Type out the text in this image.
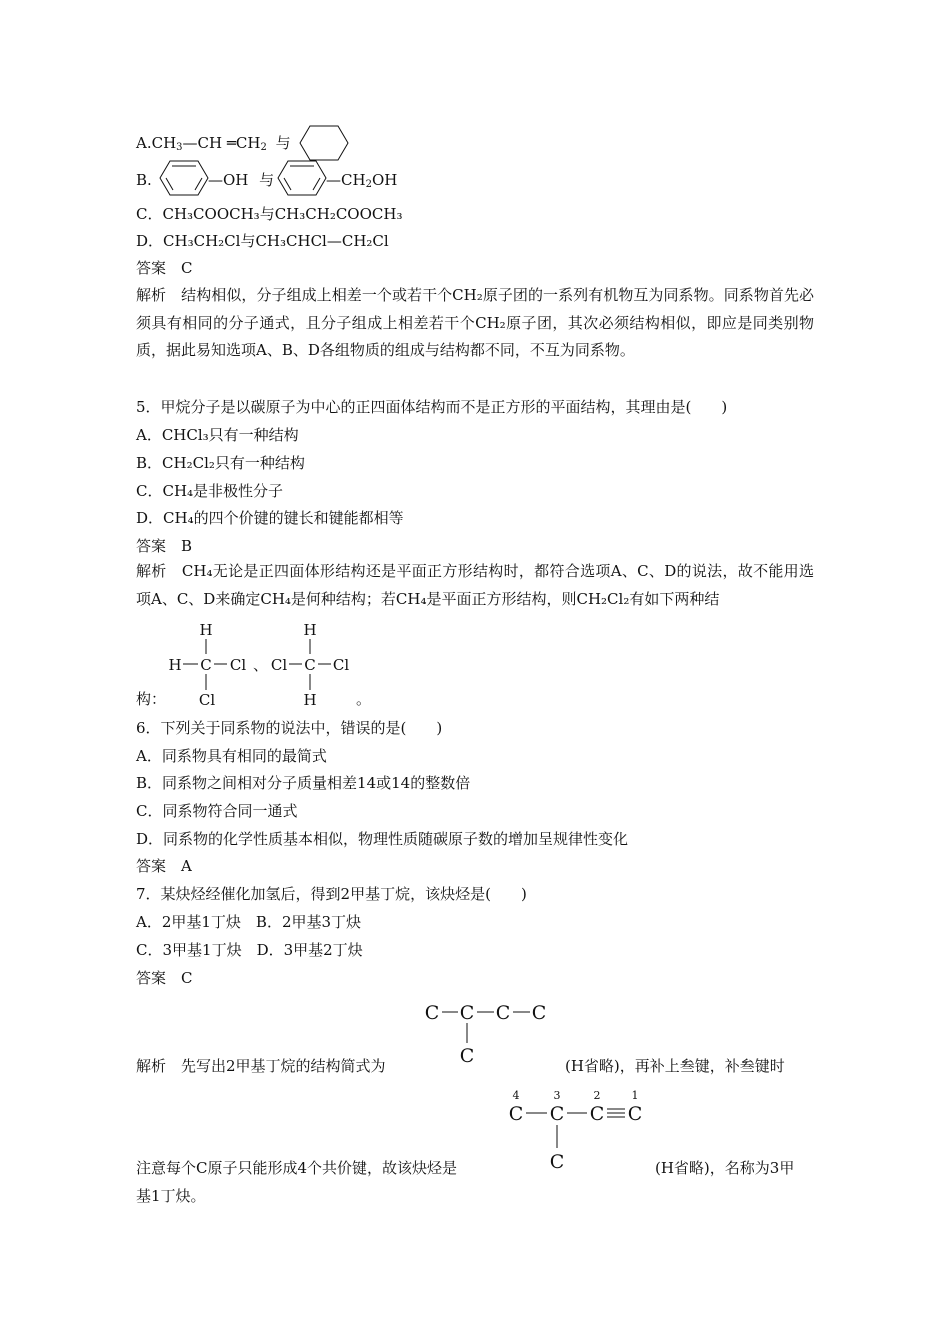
$A.CH_3—CH$ $═CH_2$ 与
B.	—OH 与	$—CH_2OH$
C．CH₃COOCH₃与CH₃CH₂COOCH₃
D．CH₃CH₂Cl与CH₃CHCl—CH₂Cl
答案　C
解析　结构相似，分子组成上相差一个或若干个CH₂原子团的一系列有机物互为同系物。同系物首先必须具有相同的分子通式，且分子组成上相差若干个CH₂原子团，其次必须结构相似，即应是同类别物质，据此易知选项A、B、D各组物质的组成与结构都不同，不互为同系物。
5．甲烷分子是以碳原子为中心的正四面体结构而不是正方形的平面结构，其理由是(　　)
A．CHCl₃只有一种结构
B．CH₂Cl₂只有一种结构
C．CH₄是非极性分子
D．CH₄的四个价键的键长和键能都相等
答案　B
解析　CH₄无论是正四面体形结构还是平面正方形结构时，都符合选项A、C、D的说法，故不能用选项A、C、D来确定CH₄是何种结构；若CH₄是平面正方形结构，则CH₂Cl₂有如下两种结
构：
H
H C Cl
Cl
、
H
Cl C Cl
H	。
6．下列关于同系物的说法中，错误的是(　　)
A．同系物具有相同的最简式
B．同系物之间相对分子质量相差14或14的整数倍
C．同系物符合同一通式
D．同系物的化学性质基本相似，物理性质随碳原子数的增加呈规律性变化
答案　A
7．某炔烃经催化加氢后，得到2甲基丁烷，该炔烃是(　　)
A．2甲基1丁炔　B．2甲基3丁炔
C．3甲基1丁炔　D．3甲基2丁炔
答案　C
C C C C
C
解析　先写出2甲基丁烷的结构简式为	(H省略)，再补上叁键，补叁键时
4	3	2	1
C C C C
C
注意每个C原子只能形成4个共价键，故该炔烃是	(H省略)，名称为3甲
基1丁炔。
